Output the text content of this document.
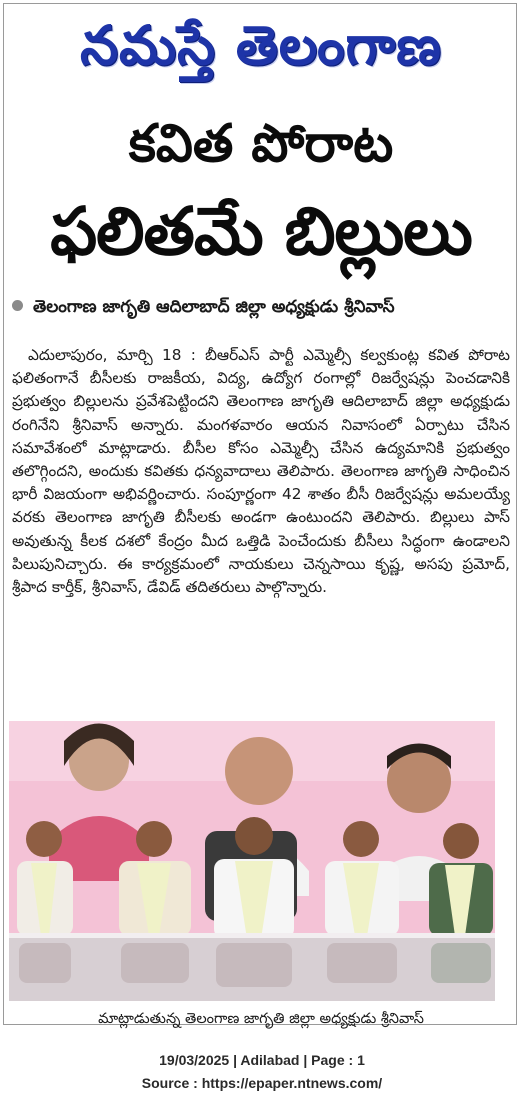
నమస్తే తెలంగాణ
కవిత పోరాట
ఫలితమే బిల్లులు
తెలంగాణ జాగృతి ఆదిలాబాద్ జిల్లా అధ్యక్షుడు శ్రీనివాస్
ఎదులాపురం, మార్చి 18 : బీఆర్ఎస్ పార్టీ ఎమ్మెల్సీ కల్వకుంట్ల కవిత పోరాట ఫలితంగానే బీసీలకు రాజకీయ, విద్య, ఉద్యోగ రంగాల్లో రిజర్వేషన్లు పెంచడానికి ప్రభుత్వం బిల్లులను ప్రవేశపెట్టిందని తెలంగాణ జాగృతి ఆదిలాబాద్ జిల్లా అధ్యక్షుడు రంగినేని శ్రీనివాస్ అన్నారు. మంగళవారం ఆయన నివాసంలో ఏర్పాటు చేసిన సమావేశంలో మాట్లాడారు. బీసీల కోసం ఎమ్మెల్సీ చేసిన ఉద్యమానికి ప్రభుత్వం తలొగ్గిందని, అందుకు కవితకు ధన్యవాదాలు తెలిపారు. తెలంగాణ జాగృతి సాధించిన భారీ విజయంగా అభివర్ణించారు. సంపూర్ణంగా 42 శాతం బీసీ రిజర్వేషన్లు అమలయ్యే వరకు తెలంగాణ జాగృతి బీసీలకు అండగా ఉంటుందని తెలిపారు. బిల్లులు పాస్ అవుతున్న కీలక దశలో కేంద్రం మీద ఒత్తిడి పెంచేందుకు బీసీలు సిద్ధంగా ఉండాలని పిలుపునిచ్చారు. ఈ కార్యక్రమంలో నాయకులు చెన్నసాయి కృష్ణ, అసపు ప్రమోద్, శ్రీపాద కార్తీక్, శ్రీనివాస్, డేవిడ్ తదితరులు పాల్గొన్నారు.
మాట్లాడుతున్న తెలంగాణ జాగృతి జిల్లా అధ్యక్షుడు శ్రీనివాస్
19/03/2025 | Adilabad | Page : 1
Source : https://epaper.ntnews.com/
